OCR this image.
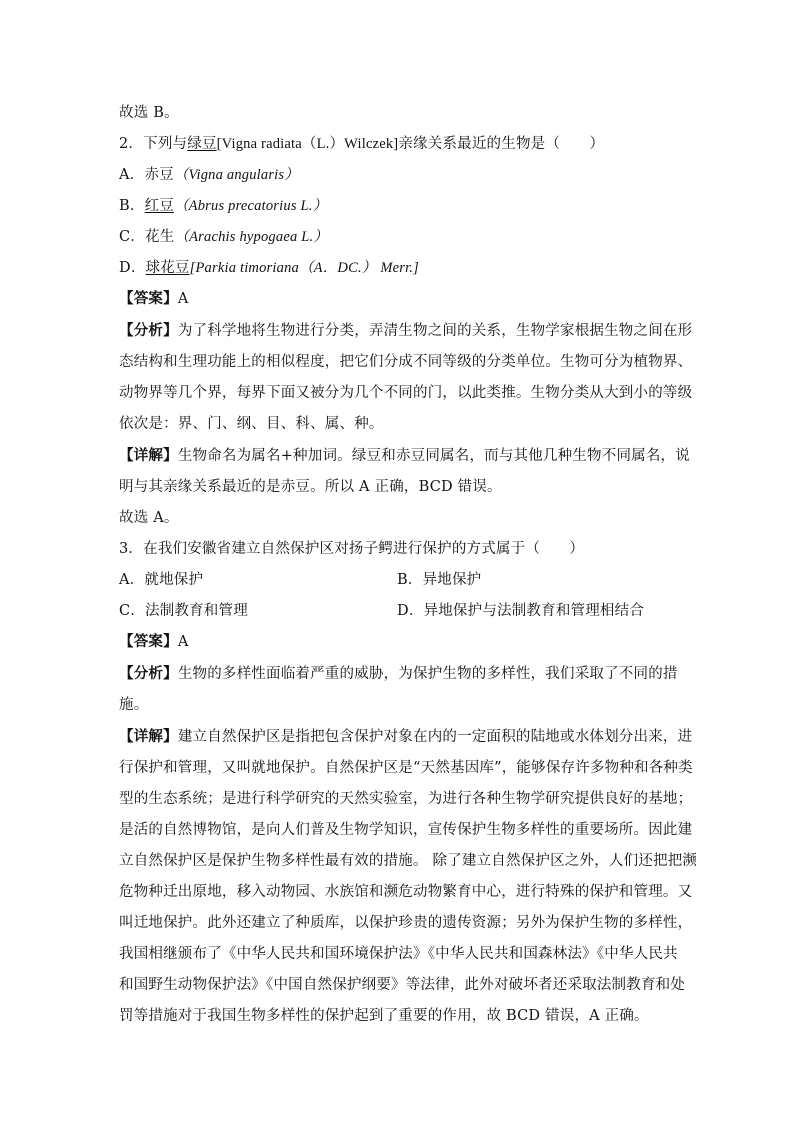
故选 B。
2．下列与绿豆[Vigna radiata（L.）Wilczek]亲缘关系最近的生物是（　　）
A．赤豆（Vigna angularis）
B．红豆（Abrus precatorius L.）
C．花生（Arachis hypogaea L.）
D．球花豆[Parkia timoriana（A．DC.） Merr.]
【答案】A
【分析】为了科学地将生物进行分类，弄清生物之间的关系，生物学家根据生物之间在形
态结构和生理功能上的相似程度，把它们分成不同等级的分类单位。生物可分为植物界、
动物界等几个界，每界下面又被分为几个不同的门，以此类推。生物分类从大到小的等级
依次是：界、门、纲、目、科、属、种。
【详解】生物命名为属名+种加词。绿豆和赤豆同属名，而与其他几种生物不同属名，说
明与其亲缘关系最近的是赤豆。所以 A 正确，BCD 错误。
故选 A。
3．在我们安徽省建立自然保护区对扬子鳄进行保护的方式属于（　　）
A．就地保护	B．异地保护
C．法制教育和管理	D．异地保护与法制教育和管理相结合
【答案】A
【分析】生物的多样性面临着严重的威胁，为保护生物的多样性，我们采取了不同的措
施。
【详解】建立自然保护区是指把包含保护对象在内的一定面积的陆地或水体划分出来，进
行保护和管理，又叫就地保护。自然保护区是“天然基因库”，能够保存许多物种和各种类
型的生态系统；是进行科学研究的天然实验室，为进行各种生物学研究提供良好的基地；
是活的自然博物馆，是向人们普及生物学知识，宣传保护生物多样性的重要场所。因此建
立自然保护区是保护生物多样性最有效的措施。 除了建立自然保护区之外，人们还把把濒
危物种迁出原地，移入动物园、水族馆和濒危动物繁育中心，进行特殊的保护和管理。又
叫迁地保护。此外还建立了种质库，以保护珍贵的遗传资源；另外为保护生物的多样性，
我国相继颁布了《中华人民共和国环境保护法》《中华人民共和国森林法》《中华人民共
和国野生动物保护法》《中国自然保护纲要》等法律，此外对破坏者还采取法制教育和处
罚等措施对于我国生物多样性的保护起到了重要的作用，故 BCD 错误，A 正确。
